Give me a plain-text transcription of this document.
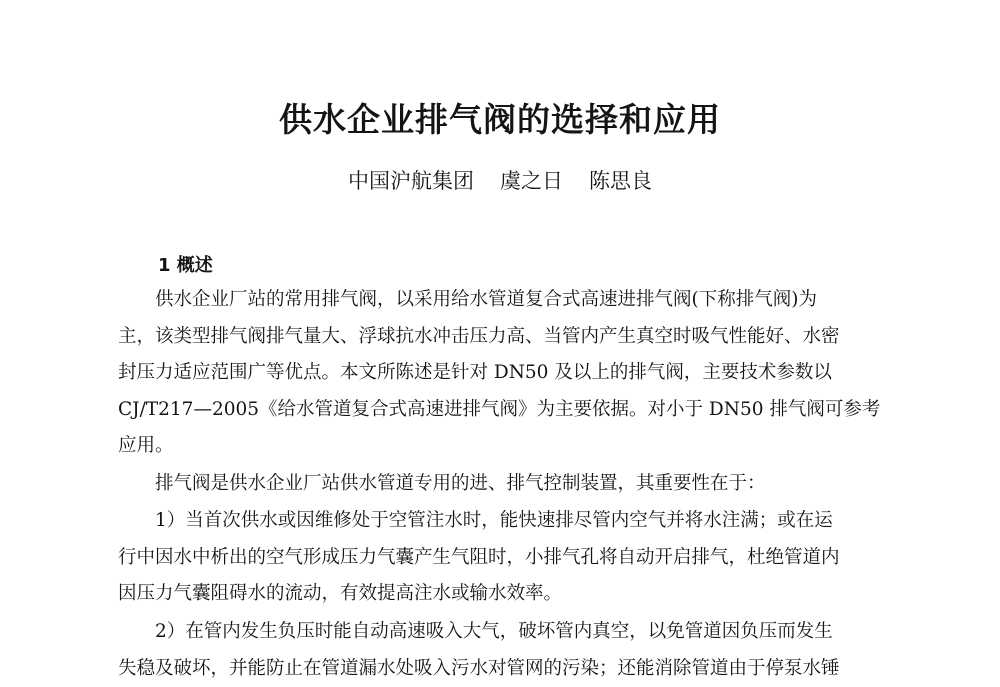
供水企业排气阀的选择和应用
中国沪航集团 虞之日 陈思良
1 概述

供水企业厂站的常用排气阀，以采用给水管道复合式高速进排气阀(下称排气阀)为
主，该类型排气阀排气量大、浮球抗水冲击压力高、当管内产生真空时吸气性能好、水密
封压力适应范围广等优点。本文所陈述是针对 DN50 及以上的排气阀，主要技术参数以
CJ/T217—2005《给水管道复合式高速进排气阀》为主要依据。对小于 DN50 排气阀可参考
应用。

排气阀是供水企业厂站供水管道专用的进、排气控制装置，其重要性在于：

1）当首次供水或因维修处于空管注水时，能快速排尽管内空气并将水注满；或在运
行中因水中析出的空气形成压力气囊产生气阻时，小排气孔将自动开启排气，杜绝管道内
因压力气囊阻碍水的流动，有效提高注水或输水效率。

2）在管内发生负压时能自动高速吸入大气，破坏管内真空，以免管道因负压而发生
失稳及破坏，并能防止在管道漏水处吸入污水对管网的污染；还能消除管道由于停泵水锤
